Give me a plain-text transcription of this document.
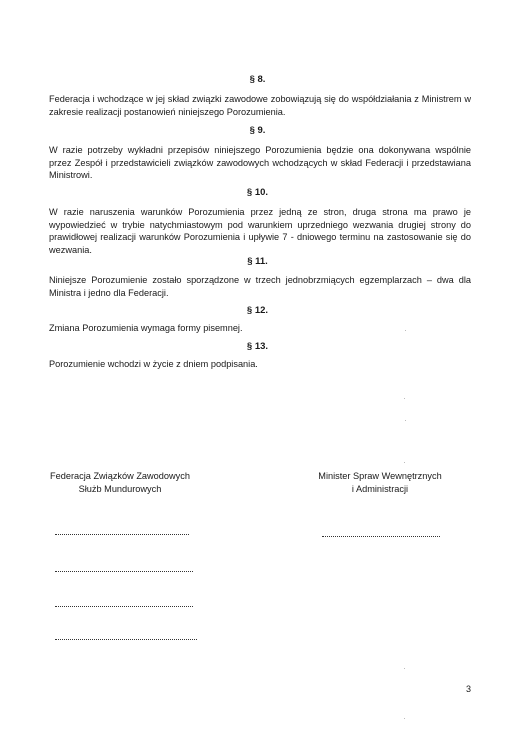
§ 8.
Federacja i wchodzące w jej skład związki zawodowe zobowiązują się do współdziałania z Ministrem w zakresie realizacji postanowień niniejszego Porozumienia.
§ 9.
W razie potrzeby wykładni przepisów niniejszego Porozumienia będzie ona dokonywana wspólnie przez Zespół i przedstawicieli związków zawodowych wchodzących w skład Federacji i przedstawiana Ministrowi.
§ 10.
W razie naruszenia warunków Porozumienia przez jedną ze stron, druga strona ma prawo je wypowiedzieć w trybie natychmiastowym pod warunkiem uprzedniego wezwania drugiej strony do prawidłowej realizacji warunków Porozumienia i upływie 7 - dniowego terminu na zastosowanie się do wezwania.
§ 11.
Niniejsze Porozumienie zostało sporządzone w trzech jednobrzmiących egzemplarzach – dwa dla Ministra i jedno dla Federacji.
§ 12.
Zmiana Porozumienia wymaga formy pisemnej.
§ 13.
Porozumienie wchodzi w życie z dniem podpisania.
Federacja Związków Zawodowych
Służb Mundurowych
Minister Spraw Wewnętrznych
i Administracji
3
